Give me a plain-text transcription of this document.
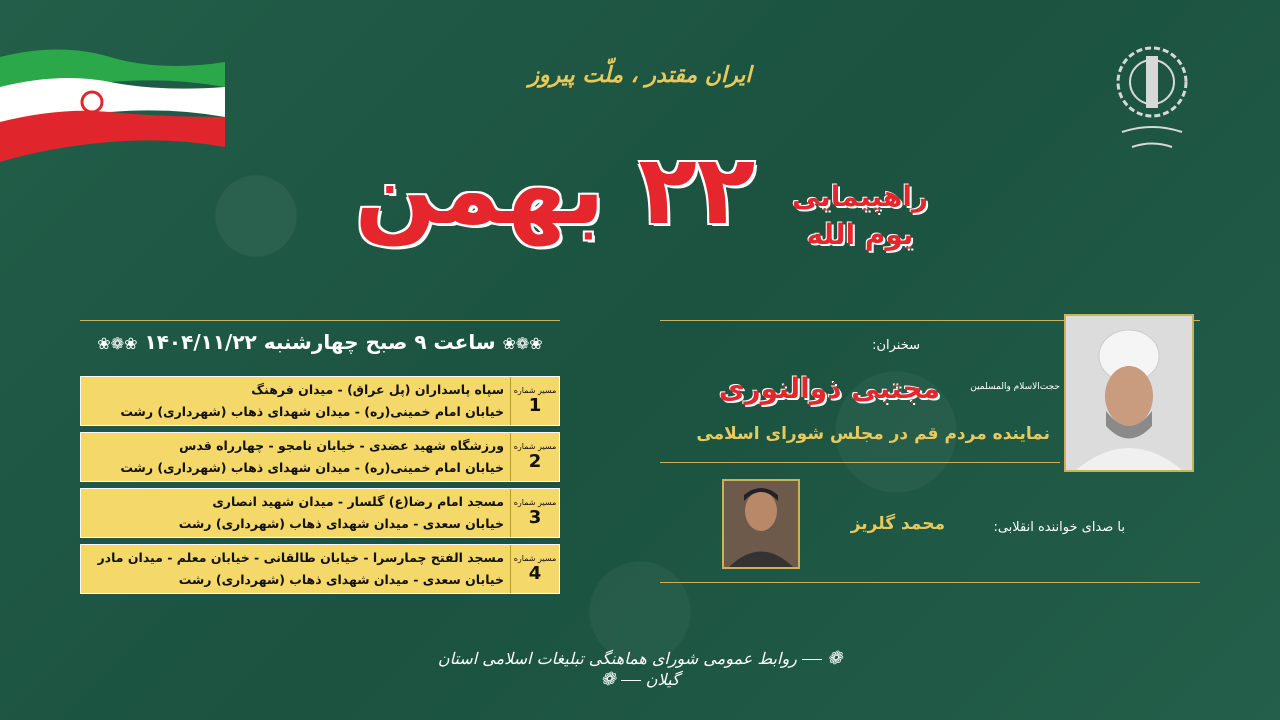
ایران مقتدر ، ملّت پیروز
۲۲ بهمن	راهپیمایی
یوم الله
❀❁❀ ساعت ۹ صبح چهارشنبه ۱۴۰۴/۱۱/۲۲ ❀❁❀
مسیر شماره
1
سپاه پاسداران (پل عراق) - میدان فرهنگ
خیابان امام خمینی(ره) - میدان شهدای ذهاب (شهرداری) رشت
مسیر شماره
2
ورزشگاه شهید عضدی - خیابان نامجو - چهارراه قدس
خیابان امام خمینی(ره) - میدان شهدای ذهاب (شهرداری) رشت
مسیر شماره
3
مسجد امام رضا(ع) گلسار - میدان شهید انصاری
خیابان سعدی - میدان شهدای ذهاب (شهرداری) رشت
مسیر شماره
4
مسجد الفتح چمارسرا - خیابان طالقانی - خیابان معلم - میدان مادر
خیابان سعدی - میدان شهدای ذهاب (شهرداری) رشت
سخنران:
حجت‌الاسلام والمسلمین
مجتبی ذوالنوری
نماینده مردم قم در مجلس شورای اسلامی
با صدای خواننده انقلابی:
محمد گلریز
❁  روابط عمومی شورای هماهنگی تبلیغات اسلامی استان گیلان  ❁
